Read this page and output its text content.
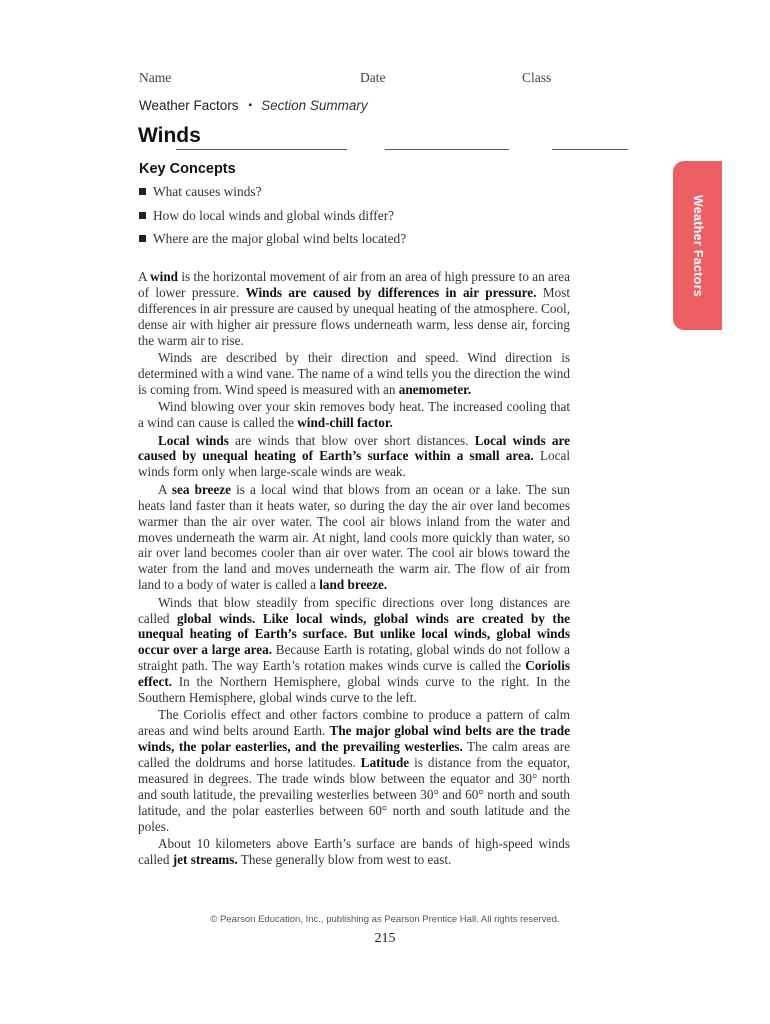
Name	Date	Class
Weather Factors ▪ Section Summary
Winds
Key Concepts
What causes winds?
How do local winds and global winds differ?
Where are the major global wind belts located?	Weather Factors

A wind is the horizontal movement of air from an area of high pressure to an area of lower pressure. Winds are caused by differences in air pressure. Most differences in air pressure are caused by unequal heating of the atmosphere. Cool, dense air with higher air pressure flows underneath warm, less dense air, forcing the warm air to rise.

Winds are described by their direction and speed. Wind direction is determined with a wind vane. The name of a wind tells you the direction the wind is coming from. Wind speed is measured with an anemometer.

Wind blowing over your skin removes body heat. The increased cooling that a wind can cause is called the wind-chill factor.

Local winds are winds that blow over short distances. Local winds are caused by unequal heating of Earth’s surface within a small area. Local winds form only when large-scale winds are weak.

A sea breeze is a local wind that blows from an ocean or a lake. The sun heats land faster than it heats water, so during the day the air over land becomes warmer than the air over water. The cool air blows inland from the water and moves underneath the warm air. At night, land cools more quickly than water, so air over land becomes cooler than air over water. The cool air blows toward the water from the land and moves underneath the warm air. The flow of air from land to a body of water is called a land breeze.

Winds that blow steadily from specific directions over long distances are called global winds. Like local winds, global winds are created by the unequal heating of Earth’s surface. But unlike local winds, global winds occur over a large area. Because Earth is rotating, global winds do not follow a straight path. The way Earth’s rotation makes winds curve is called the Coriolis effect. In the Northern Hemisphere, global winds curve to the right. In the Southern Hemisphere, global winds curve to the left.

The Coriolis effect and other factors combine to produce a pattern of calm areas and wind belts around Earth. The major global wind belts are the trade winds, the polar easterlies, and the prevailing westerlies. The calm areas are called the doldrums and horse latitudes. Latitude is distance from the equator, measured in degrees. The trade winds blow between the equator and 30° north and south latitude, the prevailing westerlies between 30° and 60° north and south latitude, and the polar easterlies between 60° north and south latitude and the poles.

About 10 kilometers above Earth’s surface are bands of high-speed winds called jet streams. These generally blow from west to east.

© Pearson Education, Inc., publishing as Pearson Prentice Hall. All rights reserved.
215
